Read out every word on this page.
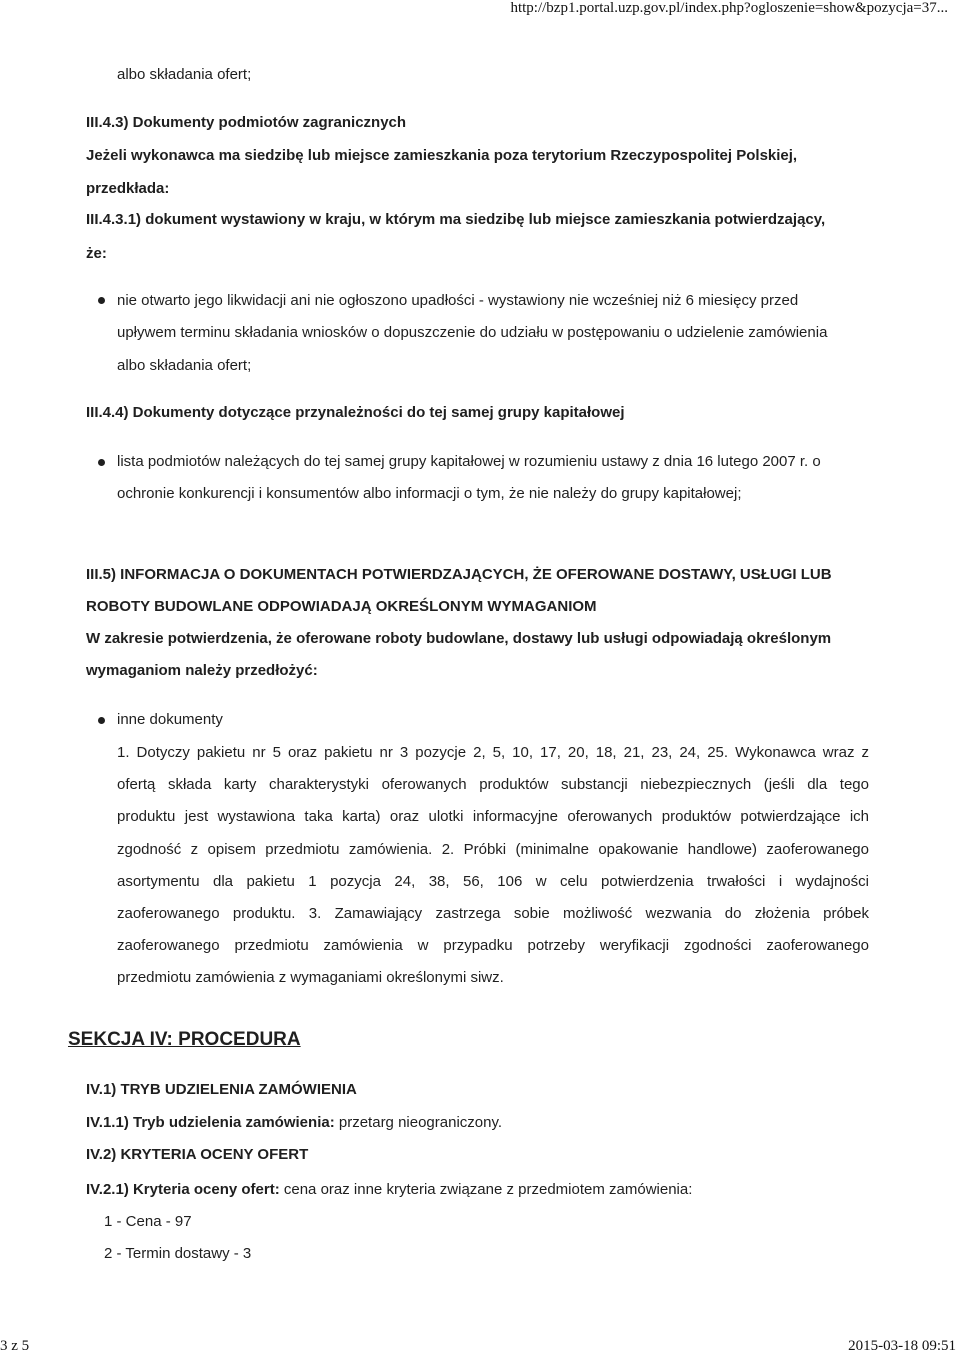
http://bzp1.portal.uzp.gov.pl/index.php?ogloszenie=show&pozycja=37...
albo składania ofert;
III.4.3) Dokumenty podmiotów zagranicznych
Jeżeli wykonawca ma siedzibę lub miejsce zamieszkania poza terytorium Rzeczypospolitej Polskiej,
przedkłada:
III.4.3.1) dokument wystawiony w kraju, w którym ma siedzibę lub miejsce zamieszkania potwierdzający,
że:
nie otwarto jego likwidacji ani nie ogłoszono upadłości - wystawiony nie wcześniej niż 6 miesięcy przed
upływem terminu składania wniosków o dopuszczenie do udziału w postępowaniu o udzielenie zamówienia
albo składania ofert;
III.4.4) Dokumenty dotyczące przynależności do tej samej grupy kapitałowej
lista podmiotów należących do tej samej grupy kapitałowej w rozumieniu ustawy z dnia 16 lutego 2007 r. o
ochronie konkurencji i konsumentów albo informacji o tym, że nie należy do grupy kapitałowej;
III.5) INFORMACJA O DOKUMENTACH POTWIERDZAJĄCYCH, ŻE OFEROWANE DOSTAWY, USŁUGI LUB
ROBOTY BUDOWLANE ODPOWIADAJĄ OKREŚLONYM WYMAGANIOM
W zakresie potwierdzenia, że oferowane roboty budowlane, dostawy lub usługi odpowiadają określonym
wymaganiom należy przedłożyć:
inne dokumenty
1. Dotyczy pakietu nr 5 oraz pakietu nr 3 pozycje 2, 5, 10, 17, 20, 18, 21, 23, 24, 25. Wykonawca wraz z
ofertą składa karty charakterystyki oferowanych produktów substancji niebezpiecznych (jeśli dla tego
produktu jest wystawiona taka karta) oraz ulotki informacyjne oferowanych produktów potwierdzające ich
zgodność z opisem przedmiotu zamówienia. 2. Próbki (minimalne opakowanie handlowe) zaoferowanego
asortymentu dla pakietu 1 pozycja 24, 38, 56, 106 w celu potwierdzenia trwałości i wydajności
zaoferowanego produktu. 3. Zamawiający zastrzega sobie możliwość wezwania do złożenia próbek
zaoferowanego przedmiotu zamówienia w przypadku potrzeby weryfikacji zgodności zaoferowanego
przedmiotu zamówienia z wymaganiami określonymi siwz.
SEKCJA IV: PROCEDURA
IV.1) TRYB UDZIELENIA ZAMÓWIENIA
IV.1.1) Tryb udzielenia zamówienia: przetarg nieograniczony.
IV.2) KRYTERIA OCENY OFERT
IV.2.1) Kryteria oceny ofert: cena oraz inne kryteria związane z przedmiotem zamówienia:
1 - Cena - 97
2 - Termin dostawy - 3
3 z 5	2015-03-18 09:51
